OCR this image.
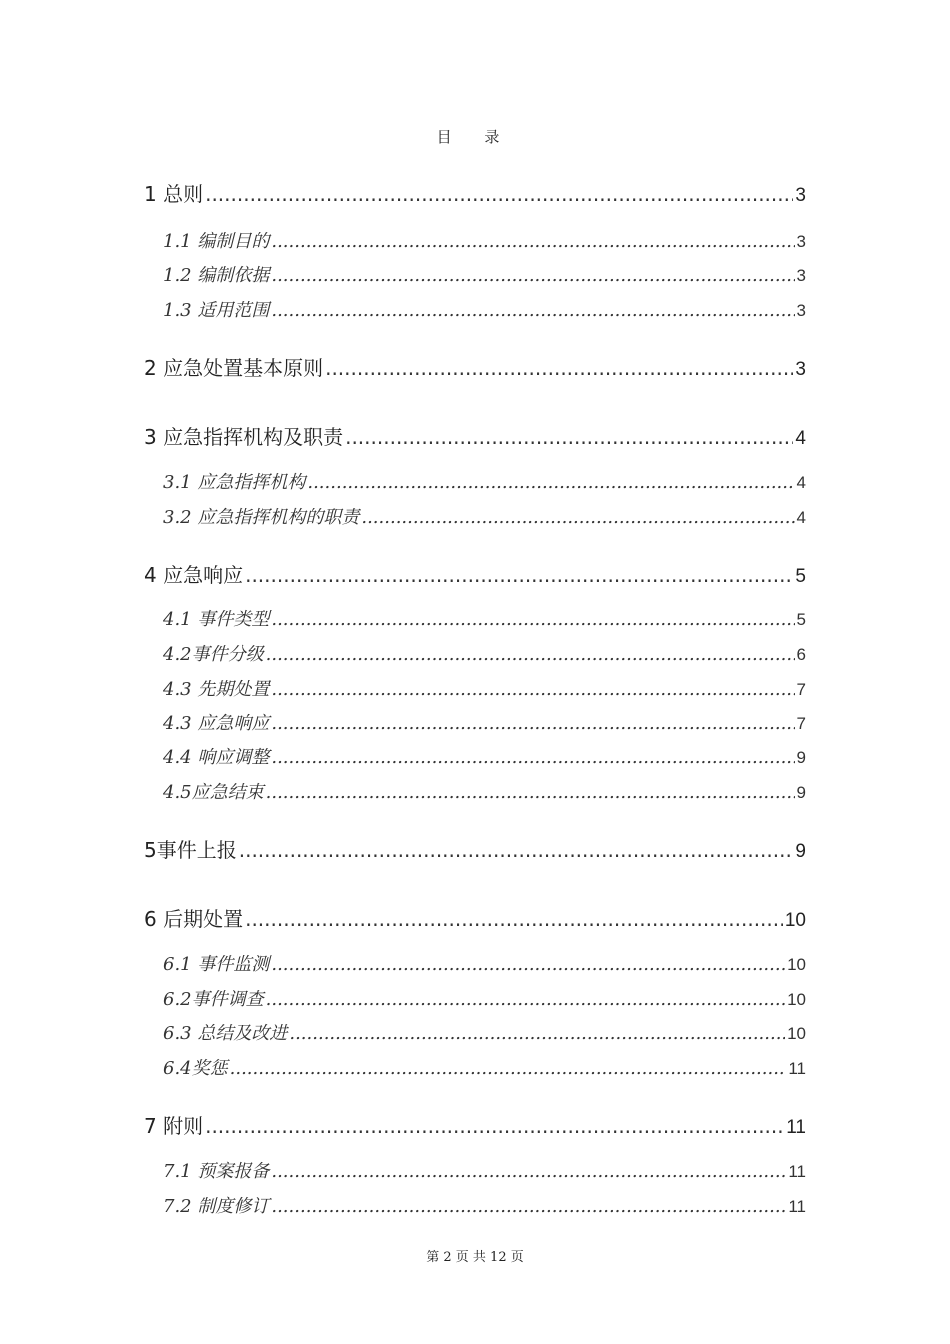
目 录
1 总则 .....	3
1.1 编制目的 .....	3
1.2 编制依据 .....	3
1.3 适用范围 .....	3
2 应急处置基本原则 .....	3
3 应急指挥机构及职责 .....	4
3.1 应急指挥机构 .....	4
3.2 应急指挥机构的职责 .....	4
4 应急响应 .....	5
4.1 事件类型 .....	5
4.2事件分级 .....	6
4.3 先期处置 .....	7
4.3 应急响应 .....	7
4.4 响应调整 .....	9
4.5应急结束 .....	9
5事件上报 .....	9
6 后期处置 .....	10
6.1 事件监测 .....	10
6.2事件调查 .....	10
6.3 总结及改进 .....	10
6.4奖惩 .....	11
7 附则 .....	11
7.1 预案报备 .....	11
7.2 制度修订 .....	11
第 2 页 共 12 页
